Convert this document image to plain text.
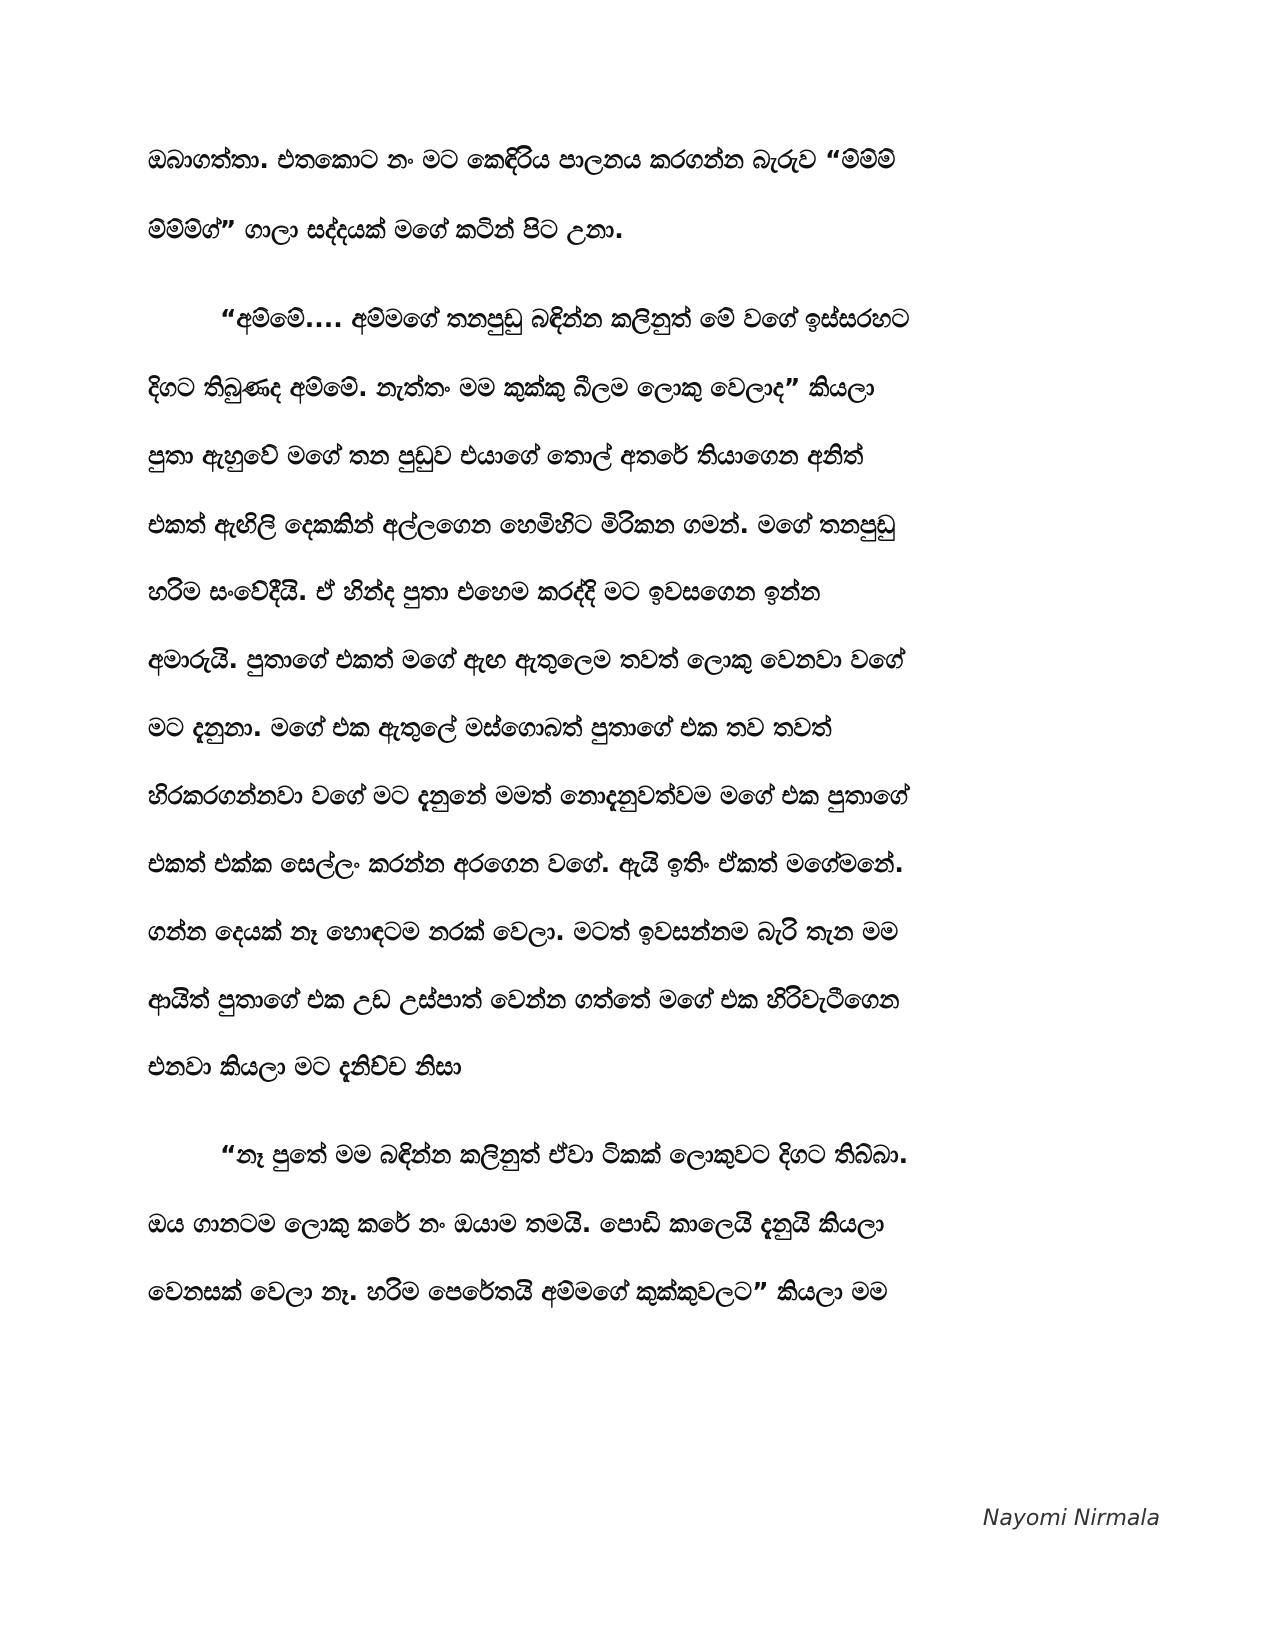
ඔබාගත්තා. එතකොට නං මට කෙඳිරිය පාලනය කරගන්න බැරුව “ම්ම්ම්
ම්ම්ම්ග්” ගාලා සද්දයක් මගේ කටින් පිට උනා.
“අම්මේ.... අම්මගේ තනපුඩු බඳින්න කලිනුත් මේ වගේ ඉස්සරහට
දිගට තිබුණද අම්මේ. නැත්තං මම කුක්කු බීලම ලොකු වෙලාද” කියලා
පුතා ඇහුවේ මගේ තන පුඩුව එයාගේ තොල් අතරේ තියාගෙන අනිත්
එකත් ඇඟිලි දෙකකින් අල්ලගෙන හෙමිහිට මිරිකන ගමන්. මගේ තනපුඩු
හරිම සංවේදීයි. ඒ හින්ද පුතා එහෙම කරද්දි මට ඉවසගෙන ඉන්න
අමාරුයි. පුතාගේ එකත් මගේ ඇඟ ඇතුලෙම තවත් ලොකු වෙනවා වගේ
මට දැනුනා. මගේ එක ඇතුලේ මස්ගොබත් පුතාගේ එක තව තවත්
හිරකරගන්නවා වගේ මට දැනුනේ මමත් නොදැනුවත්වම මගේ එක පුතාගේ
එකත් එක්ක සෙල්ලං කරන්න අරගෙන වගේ. ඇයි ඉතිං ඒකත් මගේමනේ.
ගන්න දෙයක් නෑ හොඳටම නරක් වෙලා. මටත් ඉවසන්නම බැරි තැන මම
ආයිත් පුතාගේ එක උඩ උස්පාත් වෙන්න ගත්තේ මගේ එක හිරිවැටීගෙන
එනවා කියලා මට දැනිච්ච නිසා
“නෑ පුතේ මම බඳින්න කලිනුත් ඒවා ටිකක් ලොකුවට දිගට තිබ්බා.
ඔය ගානටම ලොකු කරේ නං ඔයාම තමයි. පොඩි කාලෙයි දැනුයි කියලා
වෙනසක් වෙලා නෑ. හරිම පෙරේතයි අම්මගේ කුක්කුවලට” කියලා මම
Nayomi Nirmala
